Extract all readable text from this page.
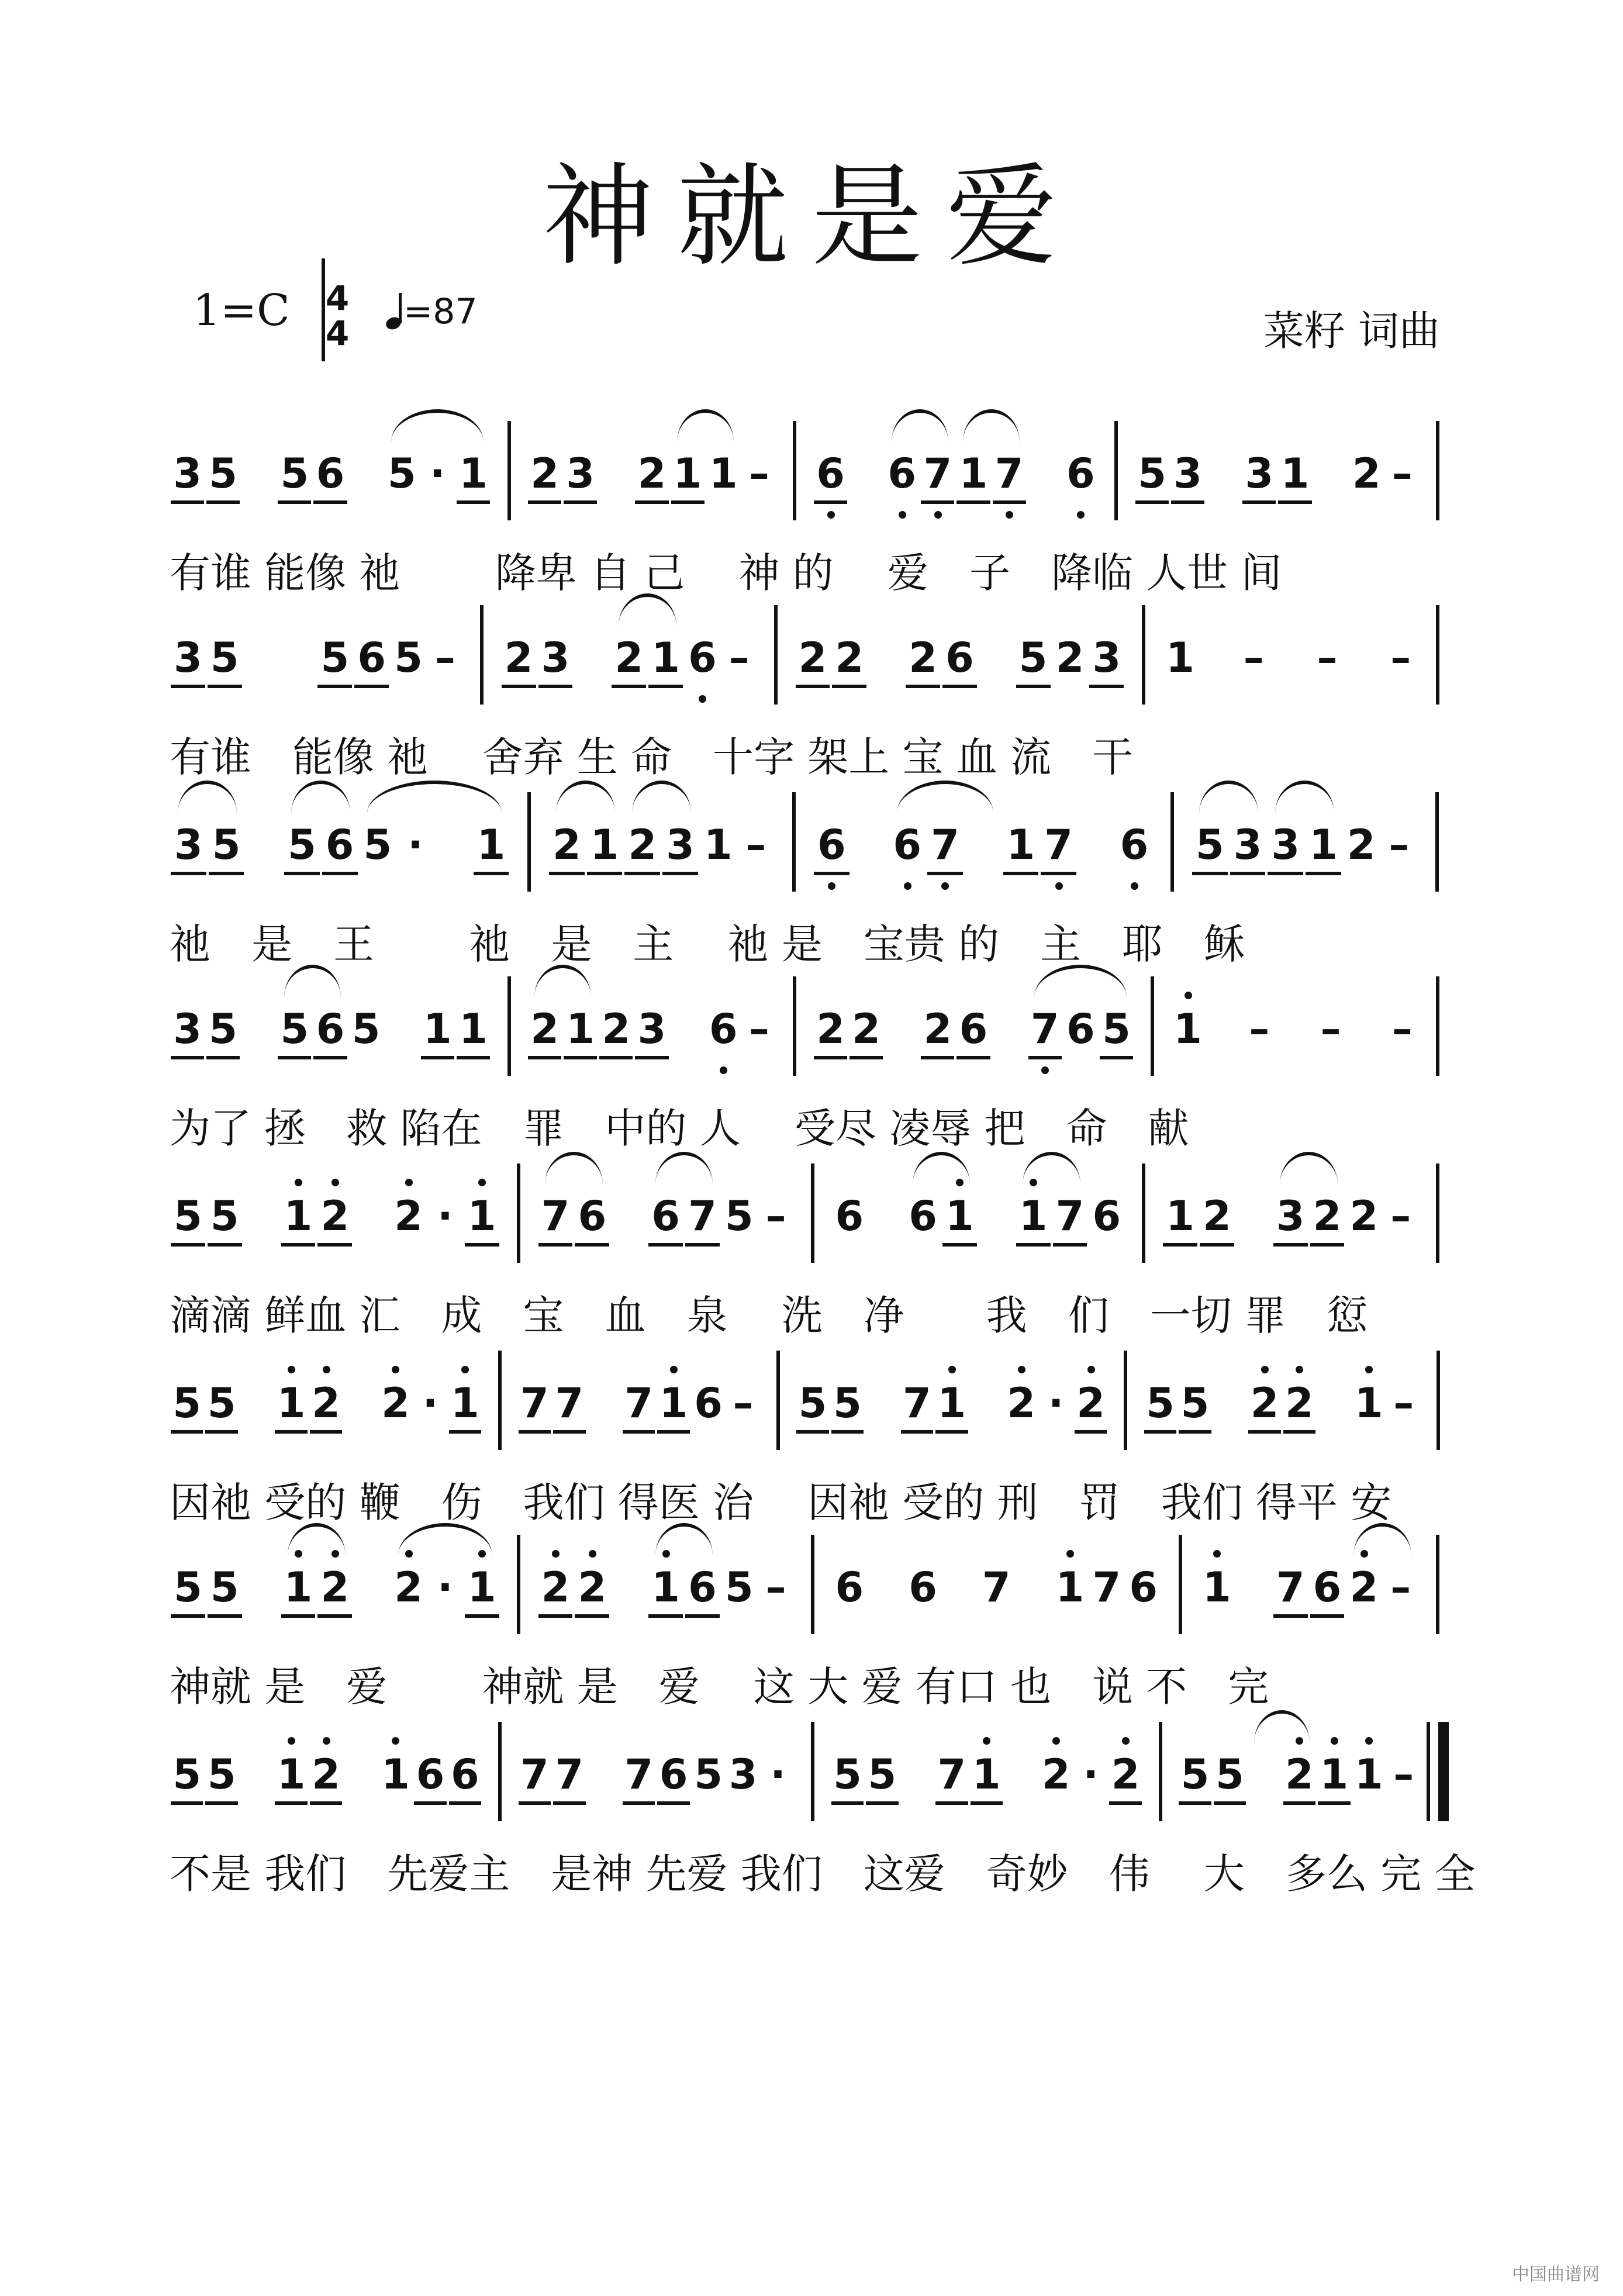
神就是爱
1=C 4
4
=87	菜籽 词曲
3 5 5 6 5 · 1 2 3 2 1 1 – 6 6 7 1 7 6 5 3 3 1 2 –
有谁 能像 祂　　 降卑 自 己　 神 的　 爱　子　降临 人世 间
3 5 5 6 5 – 2 3 2 1 6 – 2 2 2 6 5 2 3 1 – – –
有谁　能像 祂　 舍弃 生 命　十字 架上 宝 血 流　干
3 5 5 6 5 · 1 2 1 2 3 1 – 6 6 7 1 7 6 5 3 3 1 2 –
祂　是　王　　 祂　是　主　 祂 是　宝贵 的　主　耶　稣
3 5 5 6 5 1 1 2 1 2 3 6 – 2 2 2 6 7 6 5 1 – – –
为了 拯　救 陷在　罪　中的 人　 受尽 凌辱 把　命　献
5 5 1 2 2 · 1 7 6 6 7 5 – 6 6 1 1 7 6 1 2 3 2 2 –
滴滴 鲜血 汇　成　宝　血　泉　 洗　净　　我　们　一切 罪　愆
5 5 1 2 2 · 1 7 7 7 1 6 – 5 5 7 1 2 · 2 5 5 2 2 1 –
因祂 受的 鞭　伤　我们 得医 治　 因祂 受的 刑　罚　我们 得平 安
5 5 1 2 2 · 1 2 2 1 6 5 – 6 6 7 1 7 6 1 7 6 2 –
神就 是　爱　　 神就 是　爱　 这 大 爱 有口 也　说 不　完
5 5 1 2 1 6 6 7 7 7 6 5 3 · 5 5 7 1 2 · 2 5 5 2 1 1 –
不是 我们　先爱主　是神 先爱 我们　这爱　奇妙　伟　 大　多么 完 全
中国曲谱网
